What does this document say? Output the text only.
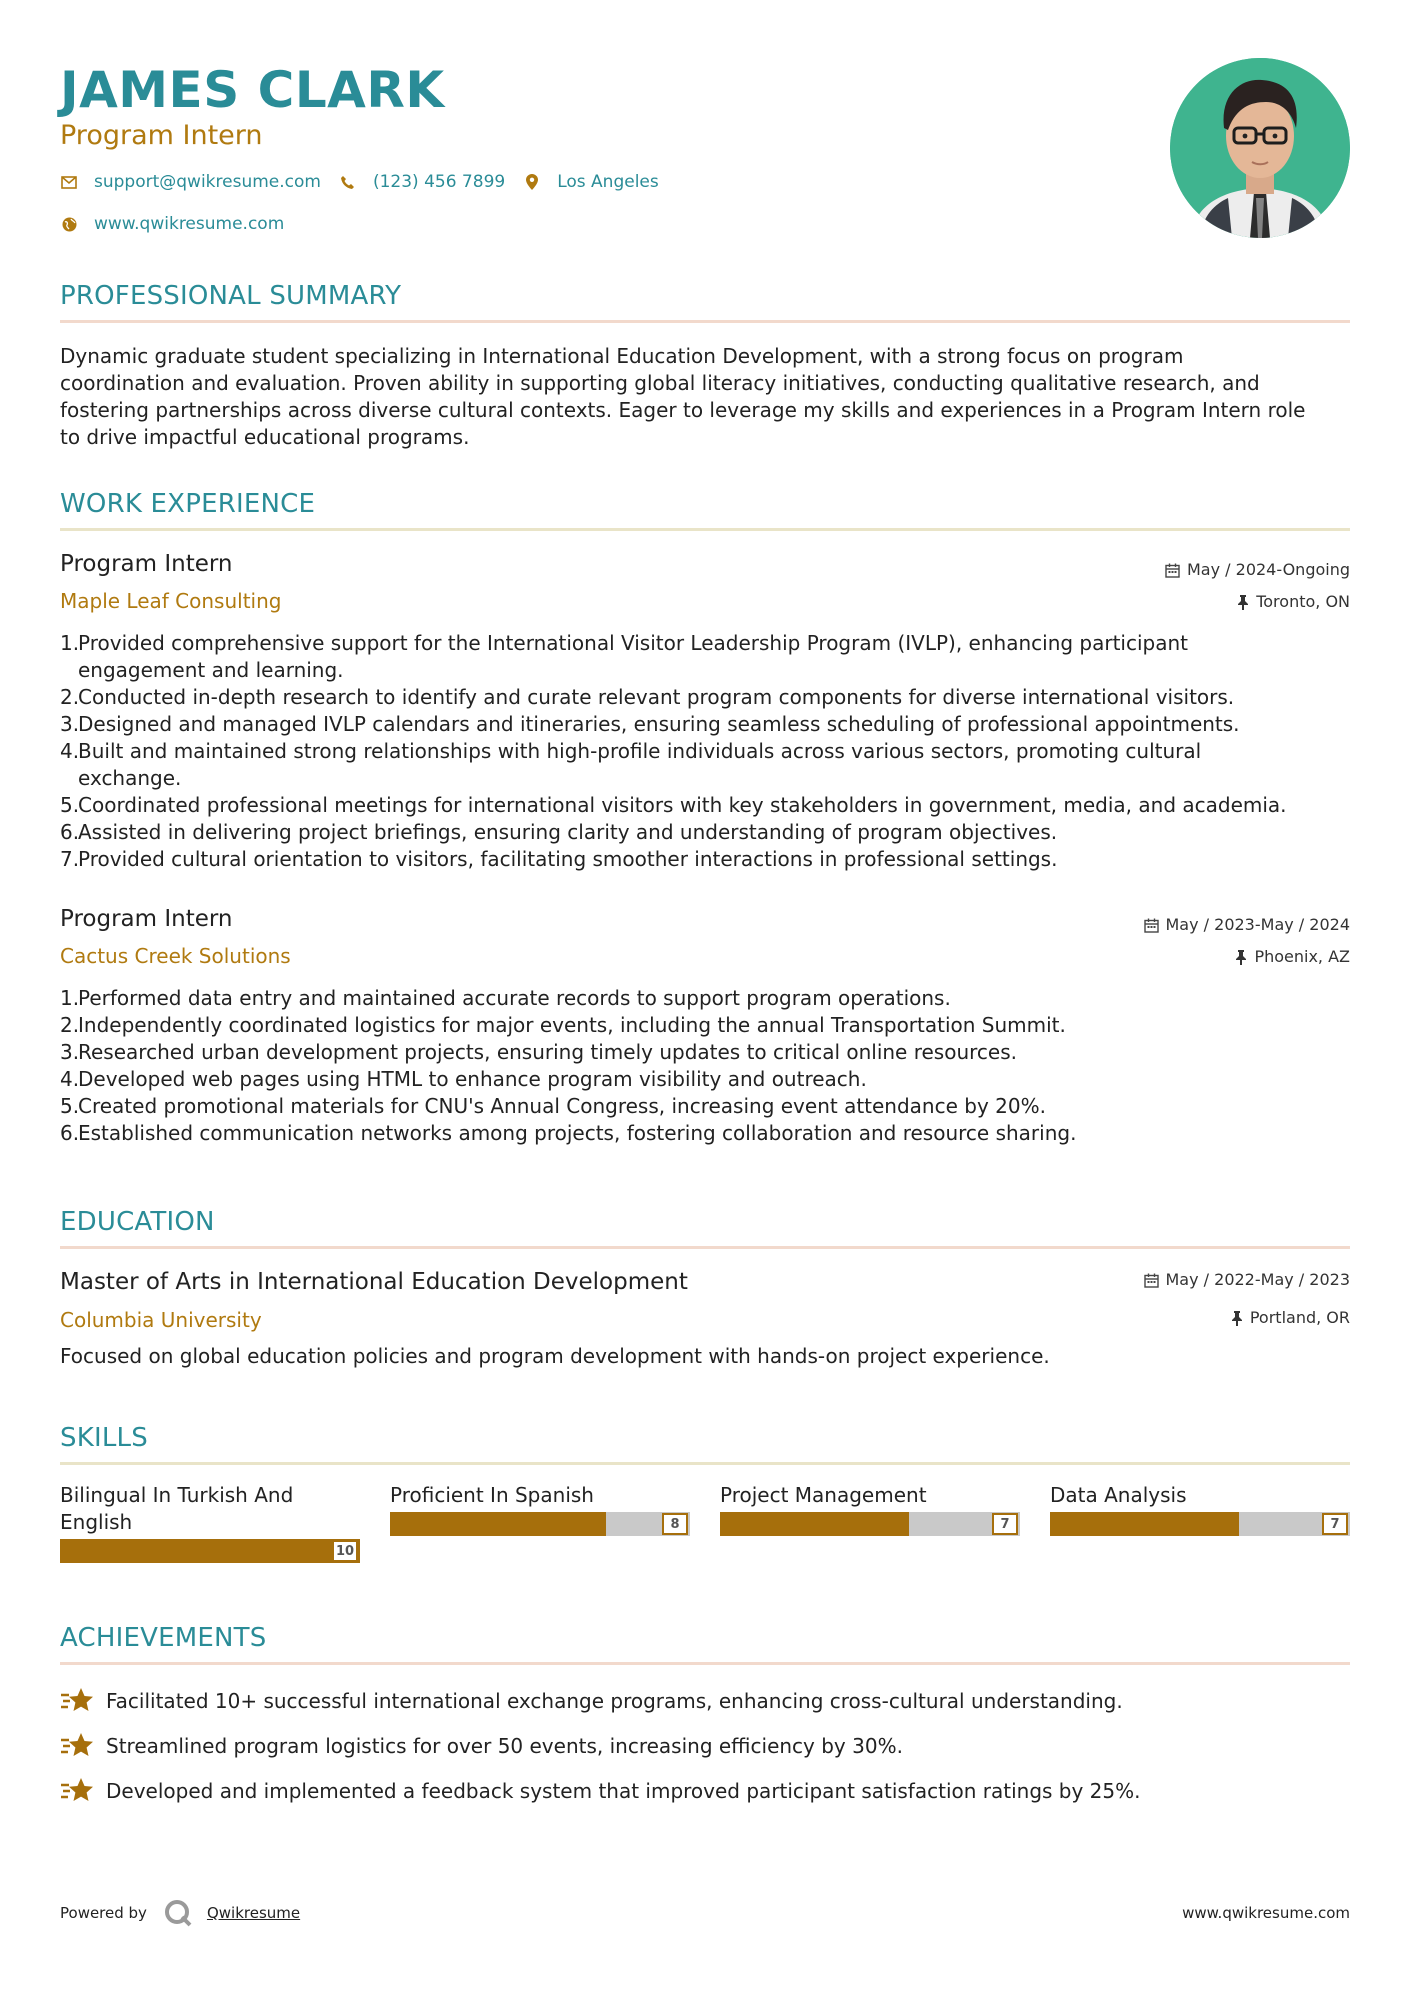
JAMES CLARK
Program Intern
support@qwikresume.com	(123) 456 7899	Los Angeles
www.qwikresume.com
PROFESSIONAL SUMMARY
Dynamic graduate student specializing in International Education Development, with a strong focus on program
coordination and evaluation. Proven ability in supporting global literacy initiatives, conducting qualitative research, and
fostering partnerships across diverse cultural contexts. Eager to leverage my skills and experiences in a Program Intern role
to drive impactful educational programs.
WORK EXPERIENCE
Program Intern
Maple Leaf Consulting
May / 2024-Ongoing
Toronto, ON
1.
Provided comprehensive support for the International Visitor Leadership Program (IVLP), enhancing participant
engagement and learning.
2.
Conducted in-depth research to identify and curate relevant program components for diverse international visitors.
3.
Designed and managed IVLP calendars and itineraries, ensuring seamless scheduling of professional appointments.
4.
Built and maintained strong relationships with high-profile individuals across various sectors, promoting cultural
exchange.
5.
Coordinated professional meetings for international visitors with key stakeholders in government, media, and academia.
6.
Assisted in delivering project briefings, ensuring clarity and understanding of program objectives.
7.
Provided cultural orientation to visitors, facilitating smoother interactions in professional settings.
Program Intern
Cactus Creek Solutions
May / 2023-May / 2024
Phoenix, AZ
1.
Performed data entry and maintained accurate records to support program operations.
2.
Independently coordinated logistics for major events, including the annual Transportation Summit.
3.
Researched urban development projects, ensuring timely updates to critical online resources.
4.
Developed web pages using HTML to enhance program visibility and outreach.
5.
Created promotional materials for CNU's Annual Congress, increasing event attendance by 20%.
6.
Established communication networks among projects, fostering collaboration and resource sharing.
EDUCATION
Master of Arts in International Education Development
Columbia University
May / 2022-May / 2023
Portland, OR
Focused on global education policies and program development with hands-on project experience.
SKILLS
Bilingual In Turkish And
English
10
Proficient In Spanish
8
Project Management
7
Data Analysis
7
ACHIEVEMENTS
Facilitated 10+ successful international exchange programs, enhancing cross-cultural understanding.
Streamlined program logistics for over 50 events, increasing efficiency by 30%.
Developed and implemented a feedback system that improved participant satisfaction ratings by 25%.
Powered by	Qwikresume	www.qwikresume.com
